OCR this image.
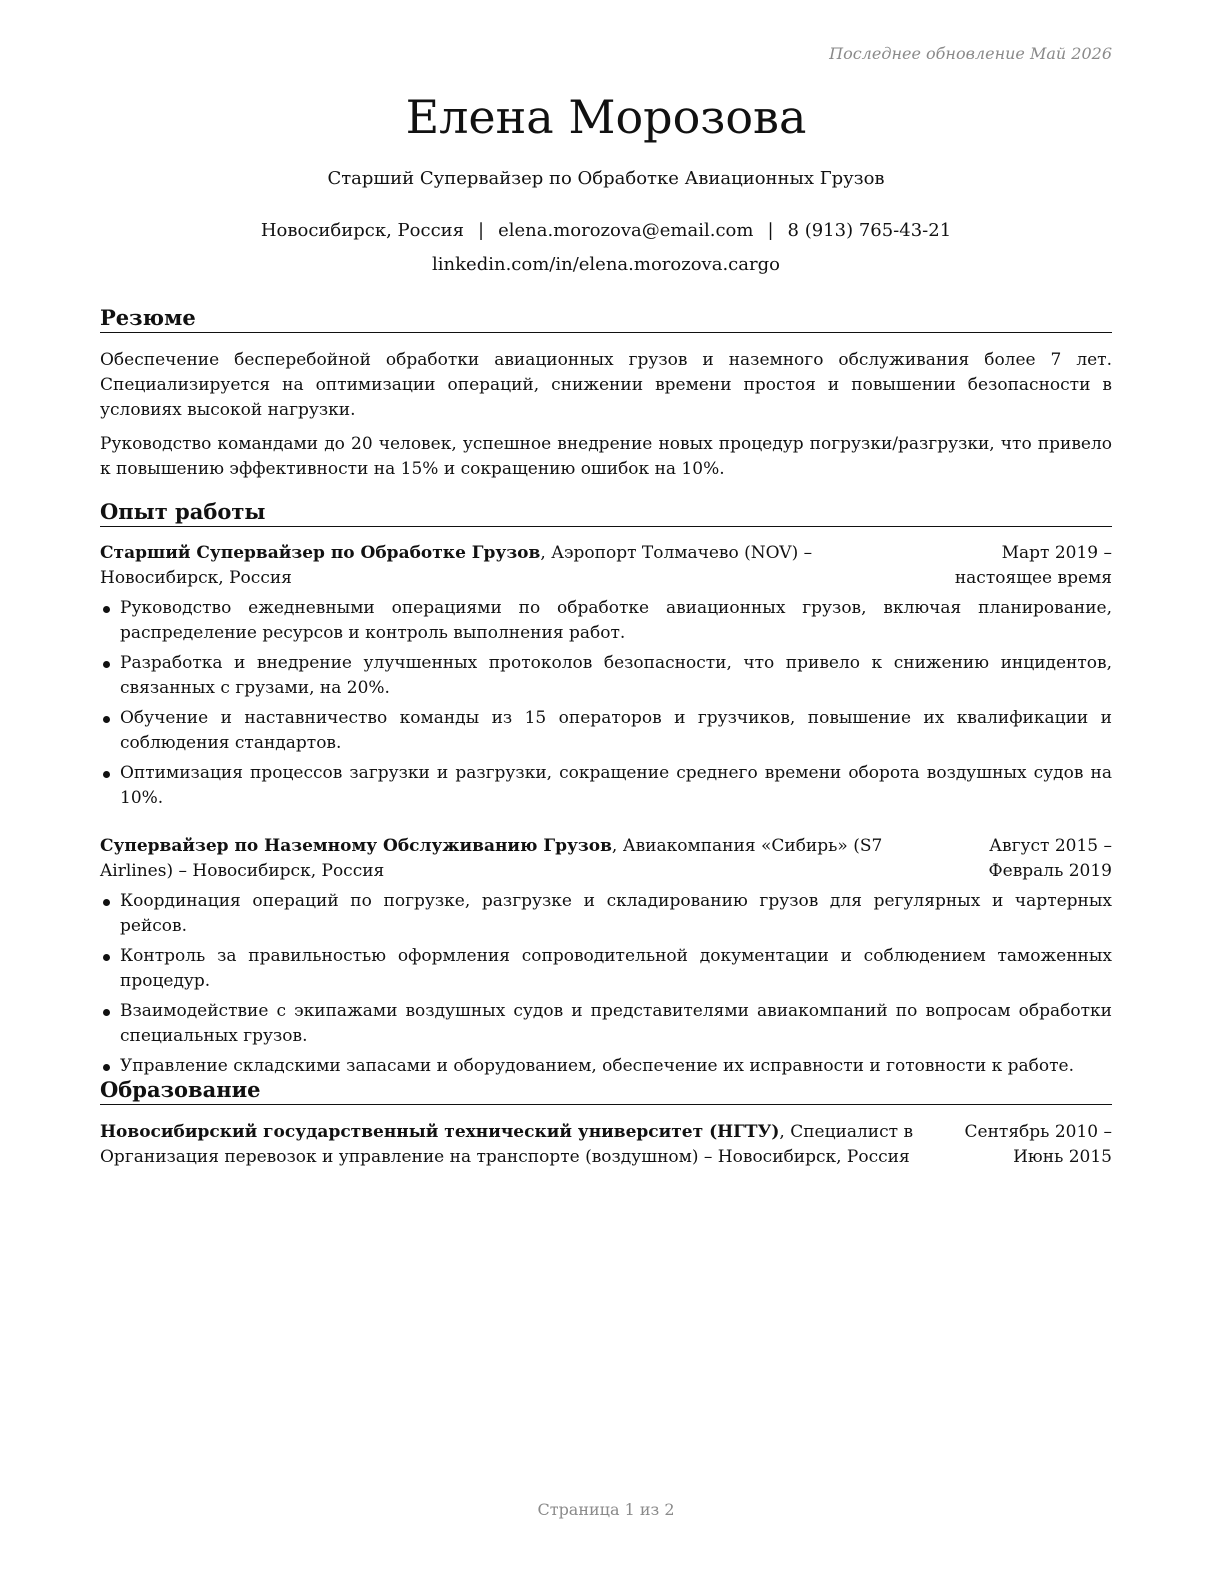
Последнее обновление Май 2026
Елена Морозова
Старший Супервайзер по Обработке Авиационных Грузов
Новосибирск, Россия | elena.morozova@email.com | 8 (913) 765-43-21
linkedin.com/in/elena.morozova.cargo
Резюме

Обеспечение бесперебойной обработки авиационных грузов и наземного обслуживания более 7 лет. Специализируется на оптимизации операций, снижении времени простоя и повышении безопасности в условиях высокой нагрузки.

Руководство командами до 20 человек, успешное внедрение новых процедур погрузки/разгрузки, что привело к повышению эффективности на 15% и сокращению ошибок на 10%.

Опыт работы
Старший Супервайзер по Обработке Грузов, Аэропорт Толмачево (NOV) – Новосибирск, Россия
Март 2019 – настоящее время
Руководство ежедневными операциями по обработке авиационных грузов, включая планирование, распределение ресурсов и контроль выполнения работ.
Разработка и внедрение улучшенных протоколов безопасности, что привело к снижению инцидентов, связанных с грузами, на 20%.
Обучение и наставничество команды из 15 операторов и грузчиков, повышение их квалификации и соблюдения стандартов.
Оптимизация процессов загрузки и разгрузки, сокращение среднего времени оборота воздушных судов на 10%.
Супервайзер по Наземному Обслуживанию Грузов, Авиакомпания «Сибирь» (S7 Airlines) – Новосибирск, Россия
Август 2015 – Февраль 2019
Координация операций по погрузке, разгрузке и складированию грузов для регулярных и чартерных рейсов.
Контроль за правильностью оформления сопроводительной документации и соблюдением таможенных процедур.
Взаимодействие с экипажами воздушных судов и представителями авиакомпаний по вопросам обработки специальных грузов.
Управление складскими запасами и оборудованием, обеспечение их исправности и готовности к работе.
Образование
Новосибирский государственный технический университет (НГТУ), Специалист в Организация перевозок и управление на транспорте (воздушном) – Новосибирск, Россия
Сентябрь 2010 – Июнь 2015
Страница 1 из 2
